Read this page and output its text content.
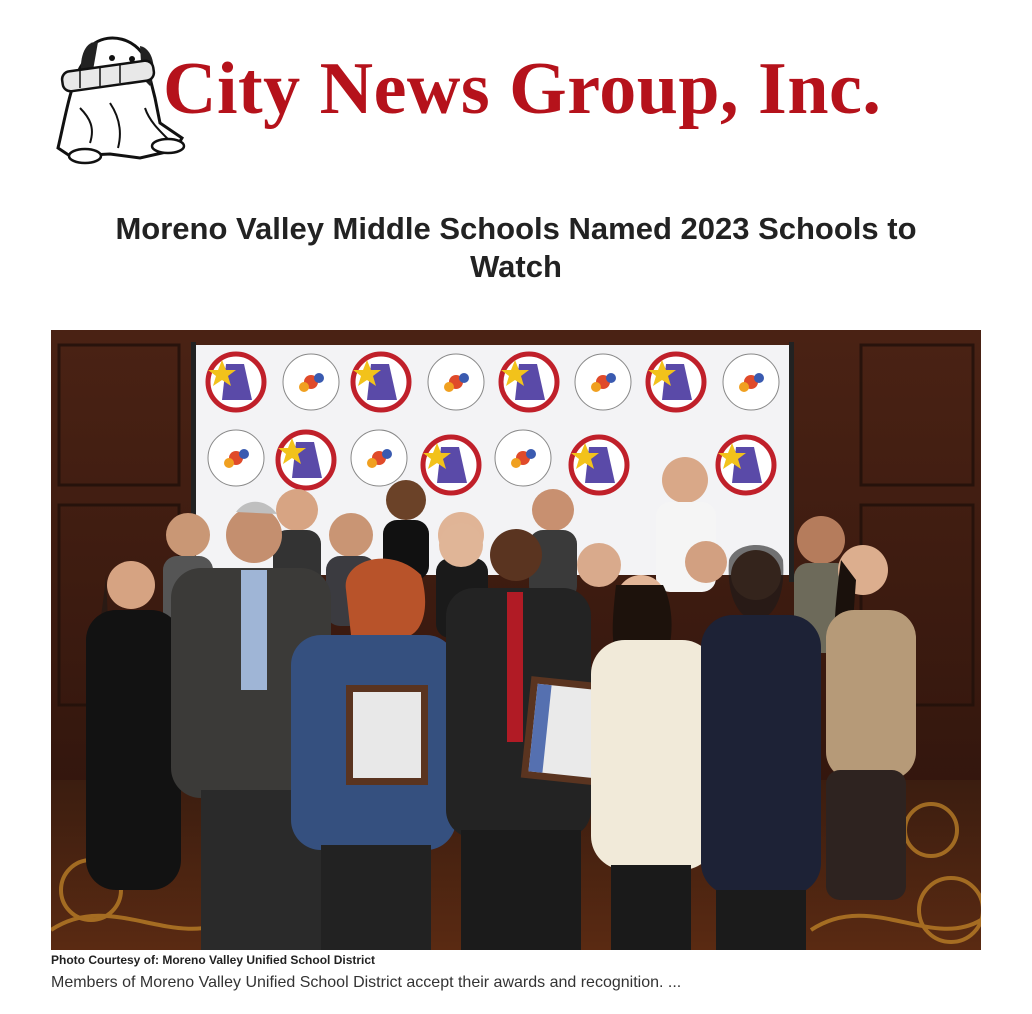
City News Group, Inc.
Moreno Valley Middle Schools Named 2023 Schools to Watch
Photo Courtesy of: Moreno Valley Unified School District
Members of Moreno Valley Unified School District accept their awards and recognition. ...
